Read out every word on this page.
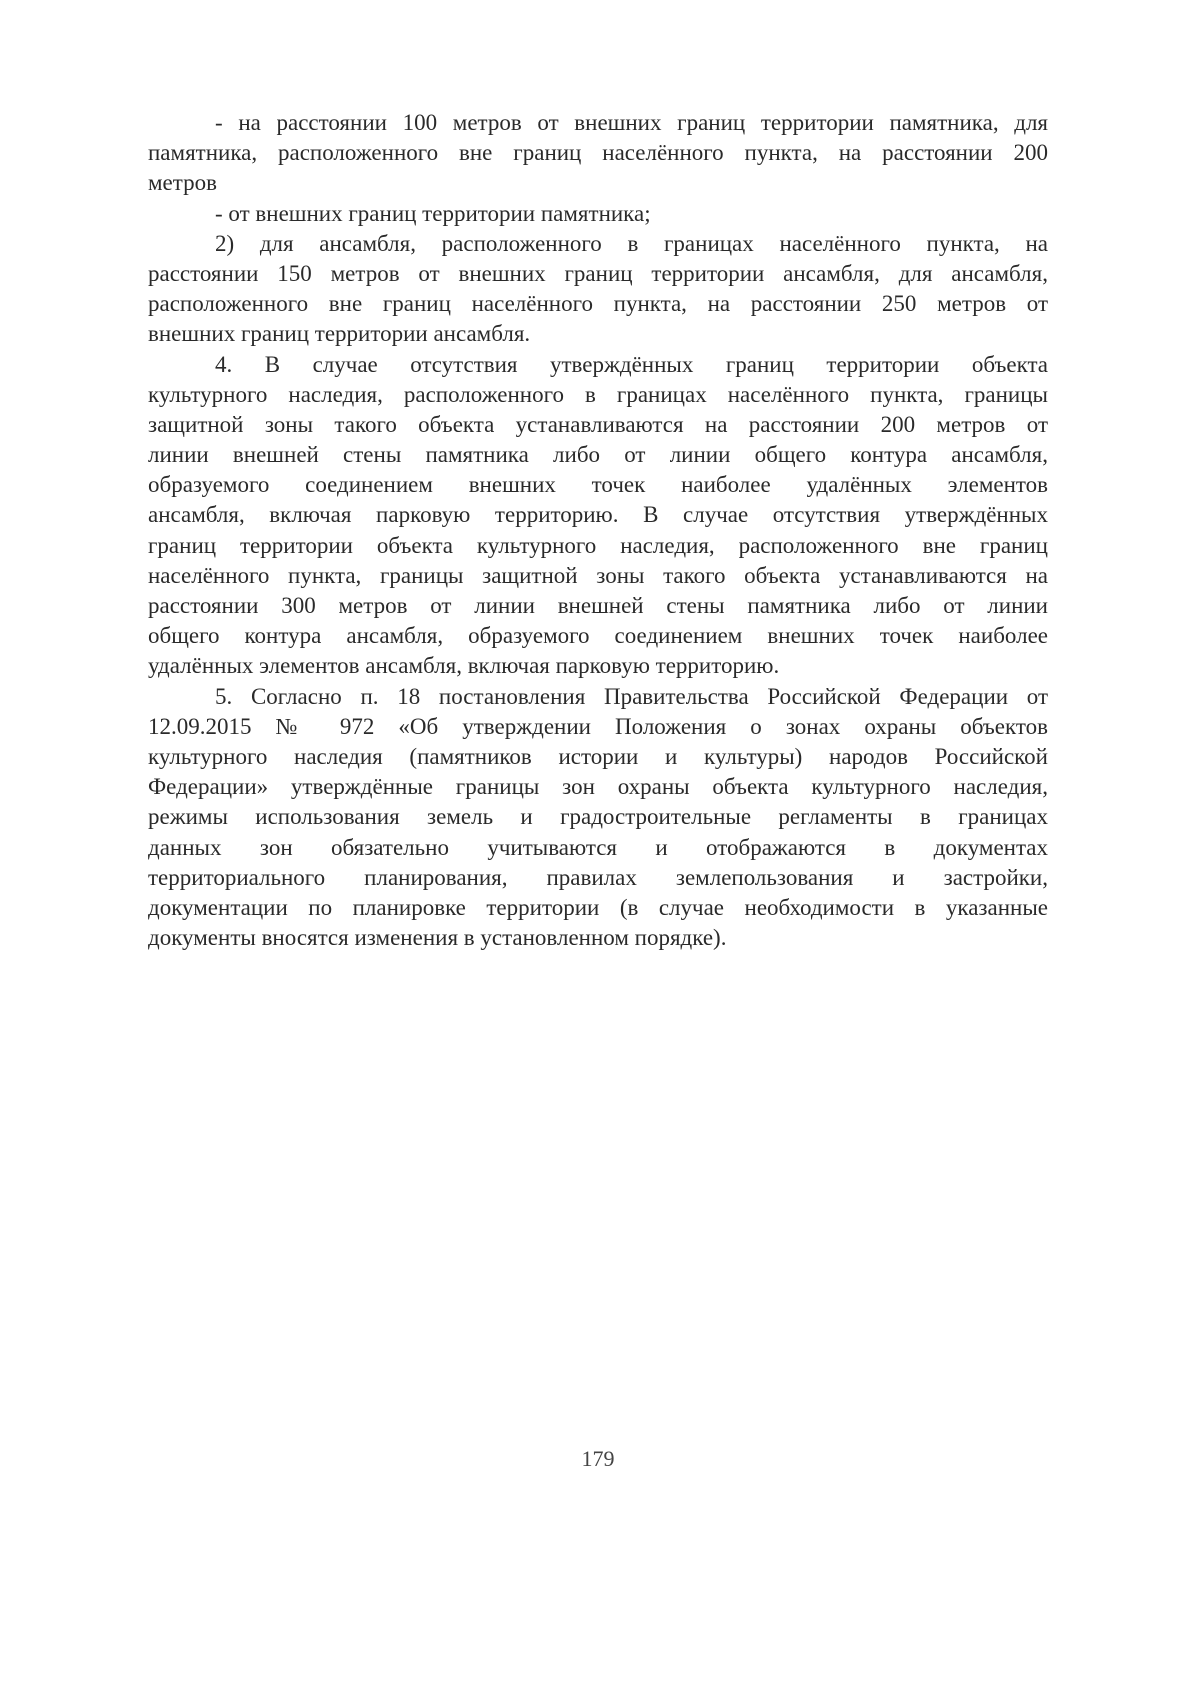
- на расстоянии 100 метров от внешних границ территории памятника, для
памятника, расположенного вне границ населённого пункта, на расстоянии 200
метров
- от внешних границ территории памятника;
2) для ансамбля, расположенного в границах населённого пункта, на
расстоянии 150 метров от внешних границ территории ансамбля, для ансамбля,
расположенного вне границ населённого пункта, на расстоянии 250 метров от
внешних границ территории ансамбля.
4. В случае отсутствия утверждённых границ территории объекта
культурного наследия, расположенного в границах населённого пункта, границы
защитной зоны такого объекта устанавливаются на расстоянии 200 метров от
линии внешней стены памятника либо от линии общего контура ансамбля,
образуемого соединением внешних точек наиболее удалённых элементов
ансамбля, включая парковую территорию. В случае отсутствия утверждённых
границ территории объекта культурного наследия, расположенного вне границ
населённого пункта, границы защитной зоны такого объекта устанавливаются на
расстоянии 300 метров от линии внешней стены памятника либо от линии
общего контура ансамбля, образуемого соединением внешних точек наиболее
удалённых элементов ансамбля, включая парковую территорию.
5. Согласно п. 18 постановления Правительства Российской Федерации от
12.09.2015 № 972 «Об утверждении Положения о зонах охраны объектов
культурного наследия (памятников истории и культуры) народов Российской
Федерации» утверждённые границы зон охраны объекта культурного наследия,
режимы использования земель и градостроительные регламенты в границах
данных зон обязательно учитываются и отображаются в документах
территориального планирования, правилах землепользования и застройки,
документации по планировке территории (в случае необходимости в указанные
документы вносятся изменения в установленном порядке).
179
